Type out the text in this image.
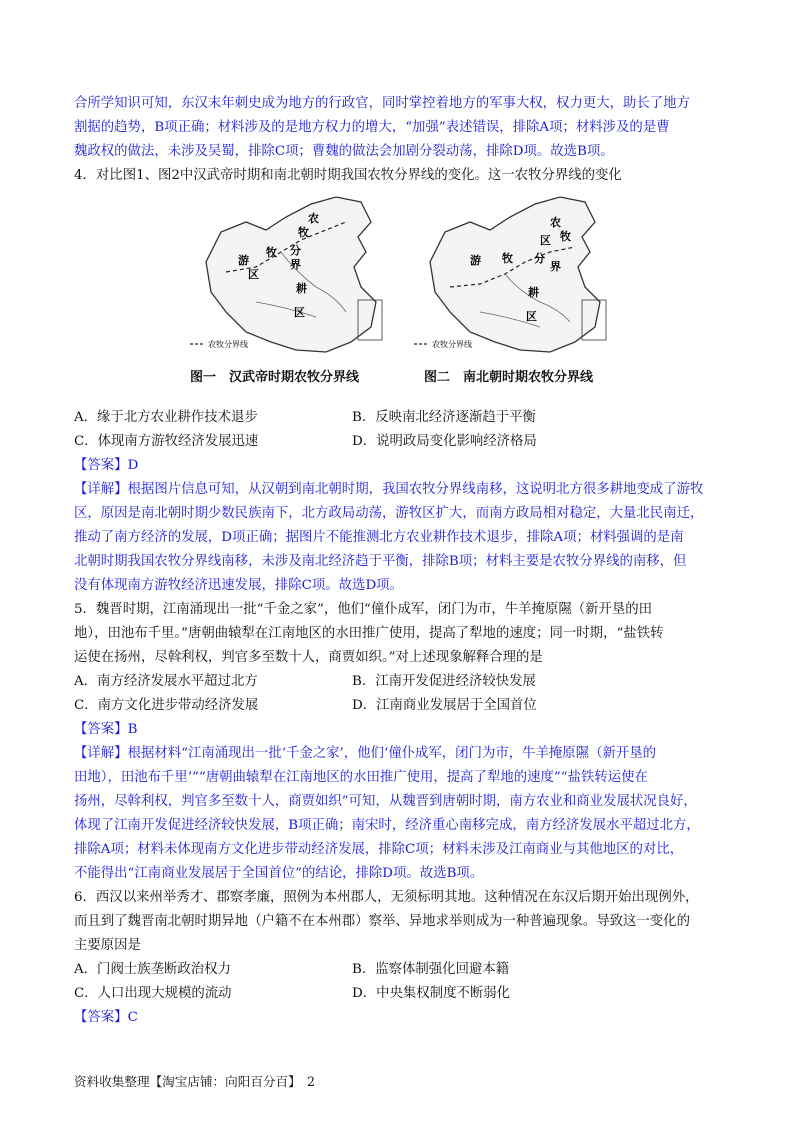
合所学知识可知，东汉末年刺史成为地方的行政官，同时掌控着地方的军事大权，权力更大，助长了地方
割据的趋势，B项正确；材料涉及的是地方权力的增大，“加强”表述错误，排除A项；材料涉及的是曹
魏政权的做法，未涉及吴蜀，排除C项；曹魏的做法会加剧分裂动荡，排除D项。故选B项。
4．对比图1、图2中汉武帝时期和南北朝时期我国农牧分界线的变化。这一农牧分界线的变化
农牧分界线
农
牧
游
牧 分
界
区
耕
区
图一　汉武帝时期农牧分界线
农牧分界线
农
牧
游 牧
区
分
界
耕
区
图二　南北朝时期农牧分界线
A．缘于北方农业耕作技术退步	B．反映南北经济逐渐趋于平衡
C．体现南方游牧经济发展迅速	D．说明政局变化影响经济格局
【答案】D
【详解】根据图片信息可知，从汉朝到南北朝时期，我国农牧分界线南移，这说明北方很多耕地变成了游牧
区，原因是南北朝时期少数民族南下，北方政局动荡，游牧区扩大，而南方政局相对稳定，大量北民南迁，
推动了南方经济的发展，D项正确；据图片不能推测北方农业耕作技术退步，排除A项；材料强调的是南
北朝时期我国农牧分界线南移，未涉及南北经济趋于平衡，排除B项；材料主要是农牧分界线的南移，但
没有体现南方游牧经济迅速发展，排除C项。故选D项。
5．魏晋时期，江南涌现出一批“千金之家”，他们“僮仆成军，闭门为市，牛羊掩原隰（新开垦的田
地），田池布千里。”唐朝曲辕犁在江南地区的水田推广使用，提高了犁地的速度；同一时期，“盐铁转
运使在扬州，尽斡利权，判官多至数十人，商贾如织。”对上述现象解释合理的是
A．南方经济发展水平超过北方	B．江南开发促进经济较快发展
C．南方文化进步带动经济发展	D．江南商业发展居于全国首位
【答案】B
【详解】根据材料“江南涌现出一批‘千金之家’，他们‘僮仆成军，闭门为市，牛羊掩原隰（新开垦的
田地），田池布千里’”“唐朝曲辕犁在江南地区的水田推广使用，提高了犁地的速度”“盐铁转运使在
扬州，尽斡利权，判官多至数十人，商贾如织”可知，从魏晋到唐朝时期，南方农业和商业发展状况良好，
体现了江南开发促进经济较快发展，B项正确；南宋时，经济重心南移完成，南方经济发展水平超过北方，
排除A项；材料未体现南方文化进步带动经济发展，排除C项；材料未涉及江南商业与其他地区的对比，
不能得出“江南商业发展居于全国首位”的结论，排除D项。故选B项。
6．西汉以来州举秀才、郡察孝廉，照例为本州郡人，无须标明其地。这种情况在东汉后期开始出现例外，
而且到了魏晋南北朝时期异地（户籍不在本州郡）察举、异地求举则成为一种普遍现象。导致这一变化的
主要原因是
A．门阀士族垄断政治权力	B．监察体制强化回避本籍
C．人口出现大规模的流动	D．中央集权制度不断弱化
【答案】C
资料收集整理【淘宝店铺：向阳百分百】　2
